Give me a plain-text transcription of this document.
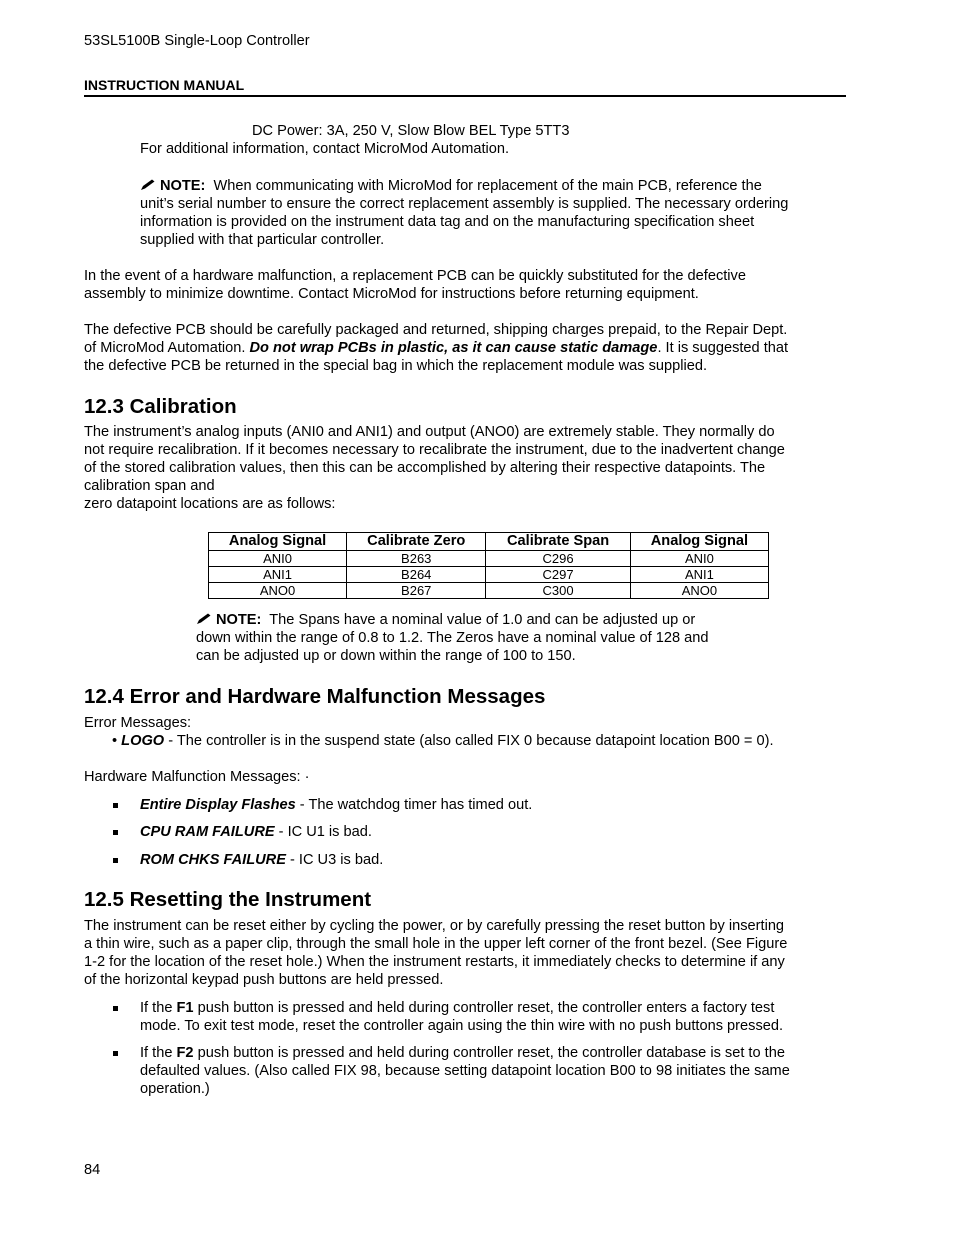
53SL5100B Single-Loop Controller
INSTRUCTION MANUAL
DC Power: 3A, 250 V, Slow Blow BEL Type 5TT3
For additional information, contact MicroMod Automation.
NOTE: When communicating with MicroMod for replacement of the main PCB, reference the
unit’s serial number to ensure the correct replacement assembly is supplied. The necessary ordering
information is provided on the instrument data tag and on the manufacturing specification sheet
supplied with that particular controller.
In the event of a hardware malfunction, a replacement PCB can be quickly substituted for the defective
assembly to minimize downtime. Contact MicroMod for instructions before returning equipment.
The defective PCB should be carefully packaged and returned, shipping charges prepaid, to the Repair Dept.
of MicroMod Automation. Do not wrap PCBs in plastic, as it can cause static damage. It is suggested that
the defective PCB be returned in the special bag in which the replacement module was supplied.
12.3 Calibration
The instrument’s analog inputs (ANI0 and ANI1) and output (ANO0) are extremely stable. They normally do
not require recalibration. If it becomes necessary to recalibrate the instrument, due to the inadvertent change
of the stored calibration values, then this can be accomplished by altering their respective datapoints. The
calibration span and
zero datapoint locations are as follows:
Analog Signal	Calibrate Zero	Calibrate Span	Analog Signal
ANI0	B263	C296	ANI0
ANI1	B264	C297	ANI1
ANO0	B267	C300	ANO0
NOTE: The Spans have a nominal value of 1.0 and can be adjusted up or
down within the range of 0.8 to 1.2. The Zeros have a nominal value of 128 and
can be adjusted up or down within the range of 100 to 150.
12.4 Error and Hardware Malfunction Messages
Error Messages:
• LOGO - The controller is in the suspend state (also called FIX 0 because datapoint location B00 = 0).
Hardware Malfunction Messages: ·
Entire Display Flashes - The watchdog timer has timed out.
CPU RAM FAILURE - IC U1 is bad.
ROM CHKS FAILURE - IC U3 is bad.
12.5 Resetting the Instrument
The instrument can be reset either by cycling the power, or by carefully pressing the reset button by inserting
a thin wire, such as a paper clip, through the small hole in the upper left corner of the front bezel. (See Figure
1-2 for the location of the reset hole.) When the instrument restarts, it immediately checks to determine if any
of the horizontal keypad push buttons are held pressed.
If the F1 push button is pressed and held during controller reset, the controller enters a factory test
mode. To exit test mode, reset the controller again using the thin wire with no push buttons pressed.
If the F2 push button is pressed and held during controller reset, the controller database is set to the
defaulted values. (Also called FIX 98, because setting datapoint location B00 to 98 initiates the same
operation.)
84
